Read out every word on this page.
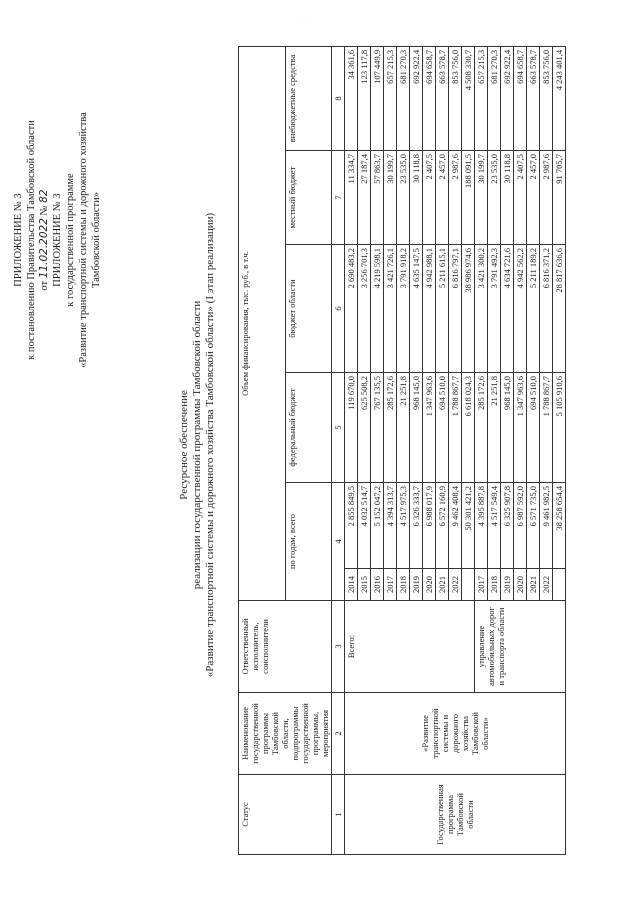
ПРИЛОЖЕНИЕ № 3 к постановлению Правительства Тамбовской области от 11.02.2022 № 82 ПРИЛОЖЕНИЕ № 3 к государственной программе «Развитие транспортной системы и дорожного хозяйства Тамбовской области»
Ресурсное обеспечение реализации государственной программы Тамбовской области «Развитие транспортной системы и дорожного хозяйства Тамбовской области» (I этап реализации)
Статус	Наименование государственной программы Тамбовской области, подпрограммы государственной программы, мероприятия	Ответственный исполнитель, соисполнители	Объем финансирования, тыс. руб., в т.ч.					
			по годам, всего		федеральный бюджет	бюджет области	местный бюджет	внебюджетные средства
1	2	3	4		5	6	7	8
Государственная программа Тамбовской области	«Развитие транспортной системы и дорожного хозяйства Тамбовской области»	Всего:	2014	2 855 849,5	119 670,0	2 690 483,2	11 334,7	34 361,6
			2015	4 032 514,7	625 508,2	3 256 701,3	27 187,4	123 117,8
			2016	5 152 047,2	767 135,5	4 219 598,1	57 863,7	107 449,9
			2017	4 394 313,7	285 172,6	3 421 726,1	30 199,7	657 215,3
			2018	4 517 975,3	21 251,8	3 791 918,2	23 535,0	681 270,3
			2019	6 326 333,7	968 145,0	4 635 147,5	30 118,8	692 922,4
			2020	6 988 017,9	1 347 963,6	4 942 988,1	2 407,5	694 658,7
			2021	6 572 160,9	694 510,0	5 211 615,1	2 457,0	663 578,7
			2022	9 462 408,4	1 788 867,7	6 816 797,1	2 987,6	853 756,0
				50 301 421,2	6 618 024,3	38 986 974,6	188 091,5	4 508 330,7
		управление автомобильных дорог и транспорта области	2017	4 395 887,8	285 172,6	3 421 300,2	30 199,7	657 215,3
			2018	4 517 549,4	21 251,8	3 791 492,3	23 535,0	681 270,3
			2019	6 325 907,8	968 145,0	4 634 721,6	30 118,8	692 922,4
			2020	6 987 592,0	1 347 963,6	4 942 562,2	2 407,5	694 658,7
			2021	6 571 735,0	694 510,0	5 211 189,2	2 457,0	663 578,7
			2022	9 461 982,5	1 788 867,7	6 816 371,2	2 987,6	853 756,0
				38 258 654,4	5 105 910,6	28 817 636,6	91 705,7	4 243 401,4
·
